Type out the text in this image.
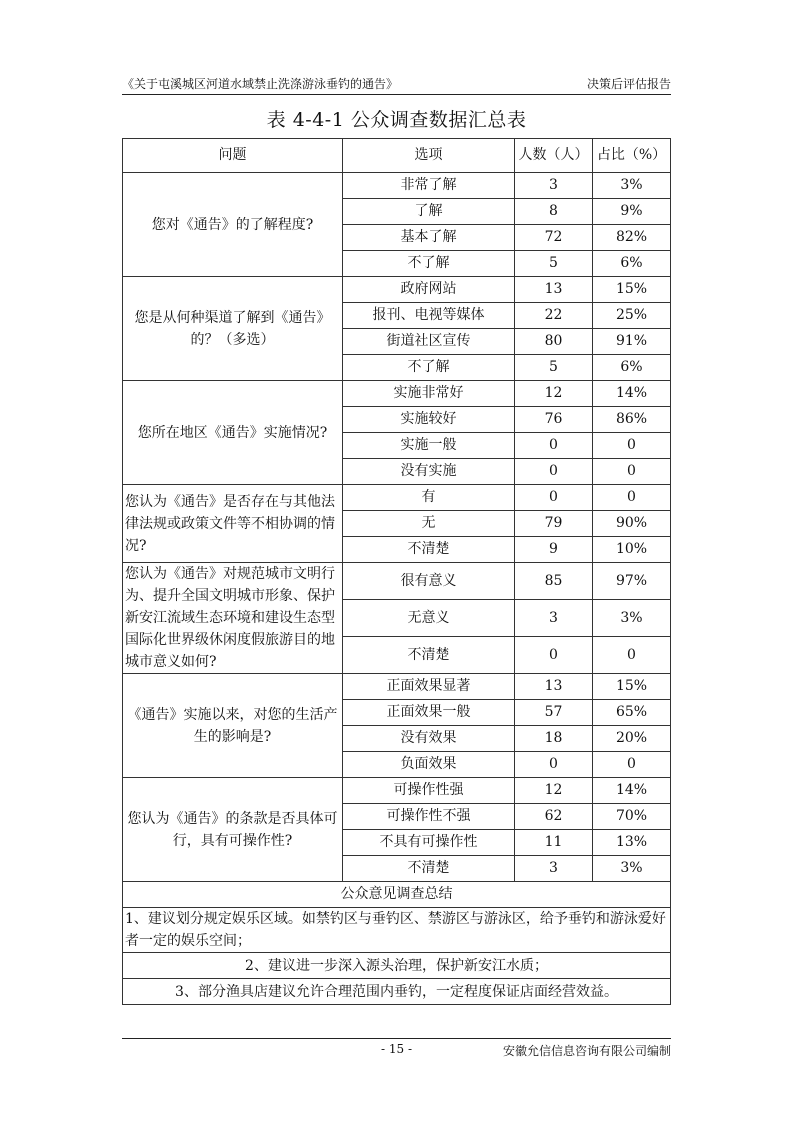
《关于屯溪城区河道水域禁止洗涤游泳垂钓的通告》	决策后评估报告
表 4-4-1 公众调查数据汇总表
问题	选项	人数（人）	占比（%）
您对《通告》的了解程度?	非常了解	3	3%
	了解	8	9%
	基本了解	72	82%
	不了解	5	6%
您是从何种渠道了解到《通告》的？（多选）	政府网站	13	15%
	报刊、电视等媒体	22	25%
	街道社区宣传	80	91%
	不了解	5	6%
您所在地区《通告》实施情况?	实施非常好	12	14%
	实施较好	76	86%
	实施一般	0	0
	没有实施	0	0
您认为《通告》是否存在与其他法律法规或政策文件等不相协调的情况?	有	0	0
	无	79	90%
	不清楚	9	10%
您认为《通告》对规范城市文明行为、提升全国文明城市形象、保护新安江流域生态环境和建设生态型国际化世界级休闲度假旅游目的地城市意义如何?	很有意义	85	97%
	无意义	3	3%
	不清楚	0	0
《通告》实施以来，对您的生活产生的影响是?	正面效果显著	13	15%
	正面效果一般	57	65%
	没有效果	18	20%
	负面效果	0	0
您认为《通告》的条款是否具体可行，具有可操作性?	可操作性强	12	14%
	可操作性不强	62	70%
	不具有可操作性	11	13%
	不清楚	3	3%
公众意见调查总结			
1、建议划分规定娱乐区域。如禁钓区与垂钓区、禁游区与游泳区，给予垂钓和游泳爱好者一定的娱乐空间；			
2、建议进一步深入源头治理，保护新安江水质；			
3、部分渔具店建议允许合理范围内垂钓，一定程度保证店面经营效益。			
- 15 -	安徽允信信息咨询有限公司编制
